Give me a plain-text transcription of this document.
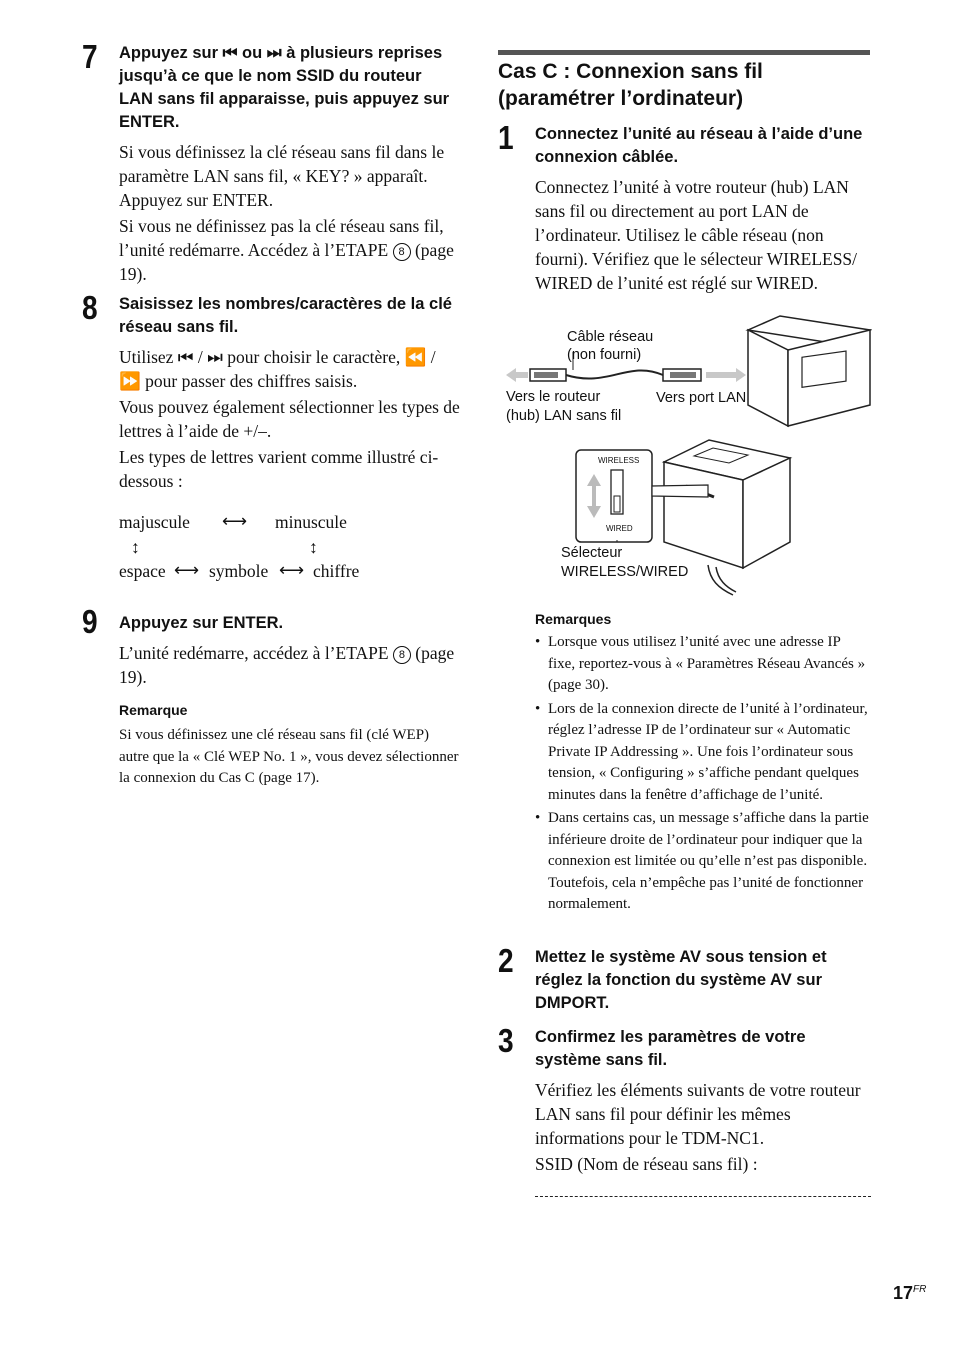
7 Appuyez sur ⏮ ou ⏭ à plusieurs reprises jusqu’à ce que le nom SSID du routeur LAN sans fil apparaisse, puis appuyez sur ENTER.

Si vous définissez la clé réseau sans fil dans le paramètre LAN sans fil, « KEY? » apparaît. Appuyez sur ENTER.

Si vous ne définissez pas la clé réseau sans fil, l’unité redémarre. Accédez à l’ETAPE 8 (page 19).

8 Saisissez les nombres/caractères de la clé réseau sans fil.

Utilisez ⏮ / ⏭ pour choisir le caractère, ⏪ / ⏩ pour passer des chiffres saisis.

Vous pouvez également sélectionner les types de lettres à l’aide de +/–.

Les types de lettres varient comme illustré ci-dessous :

majuscule ⟷ minuscule
↕	↕
espace ⟷ symbole ⟷ chiffre
9 Appuyez sur ENTER.

L’unité redémarre, accédez à l’ETAPE 8 (page 19).

Remarque

Si vous définissez une clé réseau sans fil (clé WEP) autre que la « Clé WEP No. 1 », vous devez sélectionner la connexion du Cas C (page 17).

Cas C : Connexion sans fil (paramétrer l’ordinateur)
1 Connectez l’unité au réseau à l’aide d’une connexion câblée.

Connectez l’unité à votre routeur (hub) LAN sans fil ou directement au port LAN de l’ordinateur. Utilisez le câble réseau (non fourni). Vérifiez que le sélecteur WIRELESS/ WIRED de l’unité est réglé sur WIRED.

Câble réseau
(non fourni)
Vers le routeur
(hub) LAN sans fil
Vers port LAN
WIRELESS
WIRED
Sélecteur
WIRELESS/WIRED

Remarques

• Lorsque vous utilisez l’unité avec une adresse IP fixe, reportez-vous à « Paramètres Réseau Avancés » (page 30).
• Lors de la connexion directe de l’unité à l’ordinateur, réglez l’adresse IP de l’ordinateur sur « Automatic Private IP Addressing ». Une fois l’ordinateur sous tension, « Configuring » s’affiche pendant quelques minutes dans la fenêtre d’affichage de l’unité.
• Dans certains cas, un message s’affiche dans la partie inférieure droite de l’ordinateur pour indiquer que la connexion est limitée ou qu’elle n’est pas disponible. Toutefois, cela n’empêche pas l’unité de fonctionner normalement.
2 Mettez le système AV sous tension et réglez la fonction du système AV sur DMPORT.
3 Confirmez les paramètres de votre système sans fil.

Vérifiez les éléments suivants de votre routeur LAN sans fil pour définir les mêmes informations pour le TDM-NC1.

SSID (Nom de réseau sans fil) :

$17^{FR}$
